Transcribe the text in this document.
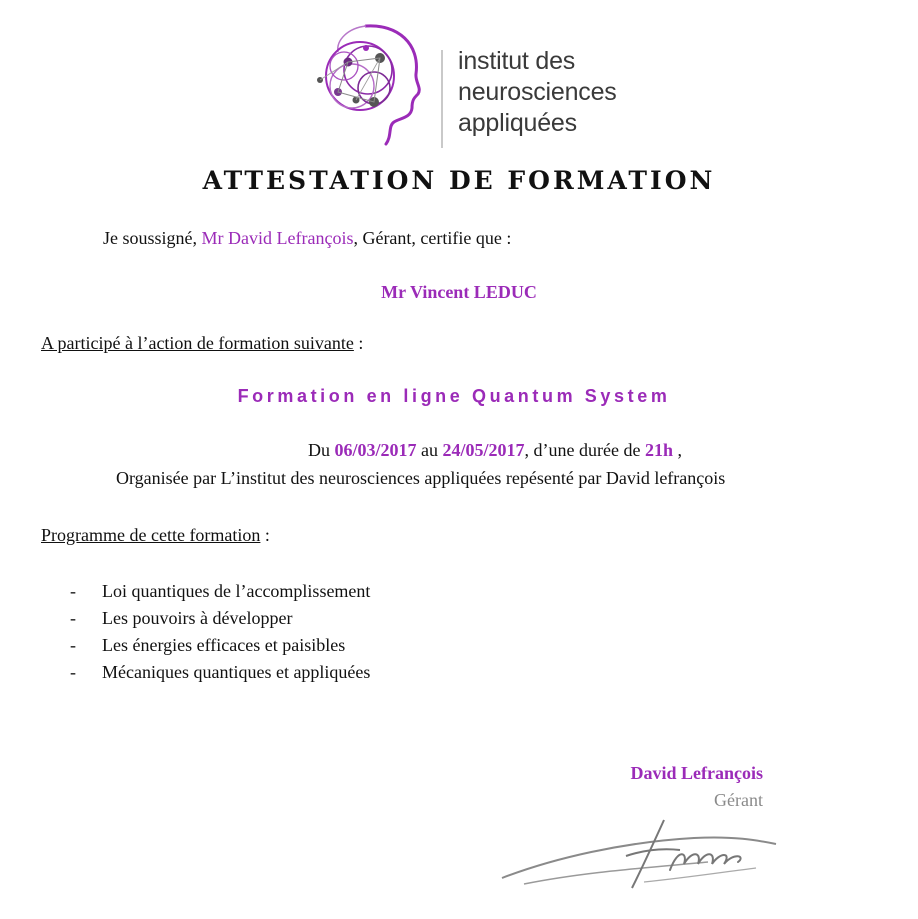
institut des
neurosciences
appliquées
ATTESTATION DE FORMATION
Je soussigné, Mr David Lefrançois, Gérant, certifie que :
Mr Vincent LEDUC
A participé à l’action de formation suivante :
Formation en ligne Quantum System
Du 06/03/2017 au 24/05/2017, d’une durée de 21h ,
Organisée par L’institut des neurosciences appliquées repésenté par David lefrançois
Programme de cette formation :
- Loi quantiques de l’accomplissement
- Les pouvoirs à développer
- Les énergies efficaces et paisibles
- Mécaniques quantiques et appliquées
David Lefrançois
Gérant
